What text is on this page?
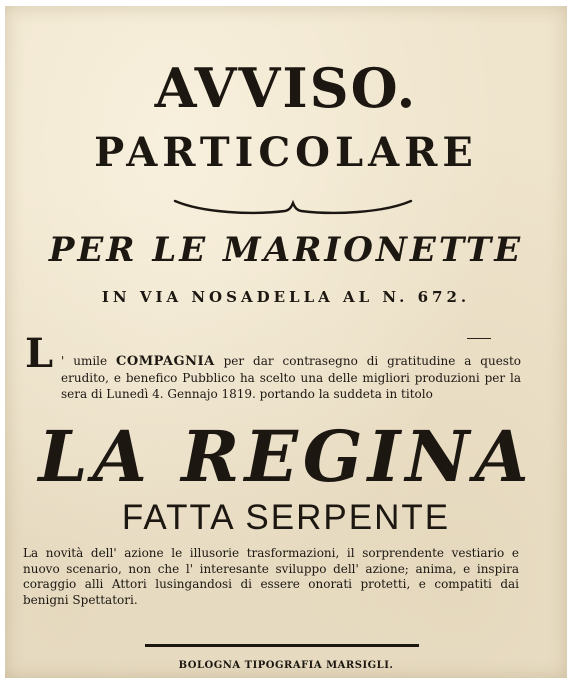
AVVISO.
PARTICOLARE
PER LE MARIONETTE
IN VIA NOSADELLA AL N. 672.
L ' umile COMPAGNIA per dar contrasegno di gratitudine a questo erudito, e benefico Pubblico ha scelto una delle migliori produzioni per la sera di Lunedì 4. Gennajo 1819. portando la suddeta in titolo
LA REGINA
FATTA SERPENTE
La novità dell' azione le illusorie trasformazioni, il sorprendente vestiario e nuovo scenario, non che l' interesante sviluppo dell' azione; anima, e inspira coraggio alli Attori lusingandosi di essere onorati protetti, e compatiti dai benigni Spettatori.
BOLOGNA TIPOGRAFIA MARSIGLI.
